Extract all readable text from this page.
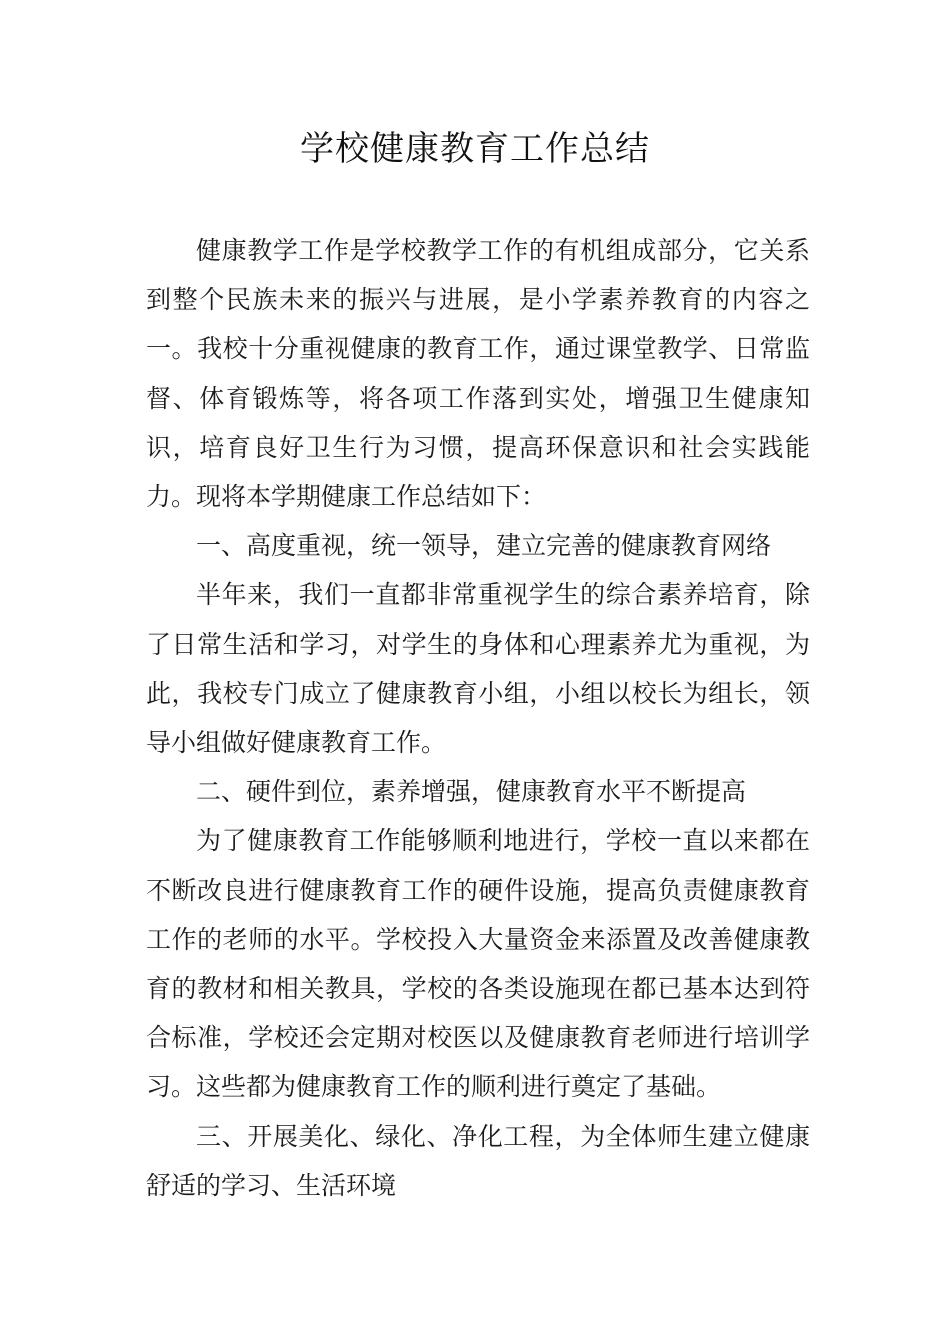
学校健康教育工作总结

健康教学工作是学校教学工作的有机组成部分，它关系到整个民族未来的振兴与进展，是小学素养教育的内容之一。我校十分重视健康的教育工作，通过课堂教学、日常监督、体育锻炼等，将各项工作落到实处，增强卫生健康知识，培育良好卫生行为习惯，提高环保意识和社会实践能力。现将本学期健康工作总结如下：

一、高度重视，统一领导，建立完善的健康教育网络

半年来，我们一直都非常重视学生的综合素养培育，除了日常生活和学习，对学生的身体和心理素养尤为重视，为此，我校专门成立了健康教育小组，小组以校长为组长，领导小组做好健康教育工作。

二、硬件到位，素养增强，健康教育水平不断提高

为了健康教育工作能够顺利地进行，学校一直以来都在不断改良进行健康教育工作的硬件设施，提高负责健康教育工作的老师的水平。学校投入大量资金来添置及改善健康教育的教材和相关教具，学校的各类设施现在都已基本达到符合标准，学校还会定期对校医以及健康教育老师进行培训学习。这些都为健康教育工作的顺利进行奠定了基础。

三、开展美化、绿化、净化工程，为全体师生建立健康舒适的学习、生活环境
